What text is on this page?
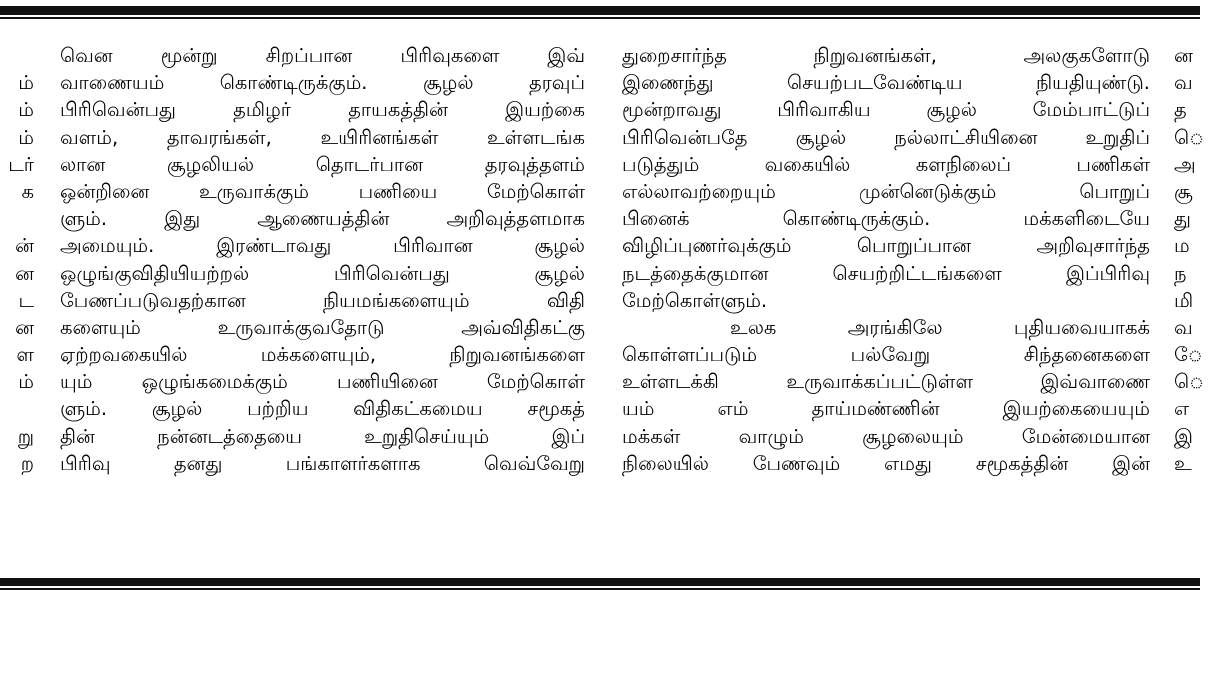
ம்
ம்
ம்
டர்
க
ன்
ன
ட
ன
ள
ம்
று
ற
வென மூன்று சிறப்பான பிரிவுகளை இவ்
வாணையம் கொண்டிருக்கும். சூழல் தரவுப்
பிரிவென்பது தமிழர் தாயகத்தின் இயற்கை
வளம், தாவரங்கள், உயிரினங்கள் உள்ளடங்க
லான சூழலியல் தொடர்பான தரவுத்தளம்
ஒன்றினை உருவாக்கும் பணியை மேற்கொள்
ளும். இது ஆணையத்தின் அறிவுத்தளமாக
அமையும். இரண்டாவது பிரிவான சூழல்
ஒழுங்குவிதியியற்றல் பிரிவென்பது சூழல்
பேணப்படுவதற்கான நியமங்களையும் விதி
களையும் உருவாக்குவதோடு அவ்விதிகட்கு
ஏற்றவகையில் மக்களையும், நிறுவனங்களை
யும் ஒழுங்கமைக்கும் பணியினை மேற்கொள்
ளும். சூழல் பற்றிய விதிகட்கமைய சமூகத்
தின் நன்னடத்தையை உறுதிசெய்யும் இப்
பிரிவு தனது பங்காளர்களாக வெவ்வேறு
துறைசார்ந்த நிறுவனங்கள், அலகுகளோடு
இணைந்து செயற்படவேண்டிய நியதியுண்டு.
மூன்றாவது பிரிவாகிய சூழல் மேம்பாட்டுப்
பிரிவென்பதே சூழல் நல்லாட்சியினை உறுதிப்
படுத்தும் வகையில் களநிலைப் பணிகள்
எல்லாவற்றையும் முன்னெடுக்கும் பொறுப்
பினைக் கொண்டிருக்கும். மக்களிடையே
விழிப்புணர்வுக்கும் பொறுப்பான அறிவுசார்ந்த
நடத்தைக்குமான செயற்றிட்டங்களை இப்பிரிவு
மேற்கொள்ளும்.
உலக அரங்கிலே புதியவையாகக்
கொள்ளப்படும் பல்வேறு சிந்தனைகளை
உள்ளடக்கி உருவாக்கப்பட்டுள்ள இவ்வாணை
யம் எம் தாய்மண்ணின் இயற்கையையும்
மக்கள் வாழும் சூழலையும் மேன்மையான
நிலையில் பேணவும் எமது சமூகத்தின் இன்
ன
வ
த
ெ
அ
சூ
து
ம
ந
மி
வ
ே
ெ
எ
இ
உ
